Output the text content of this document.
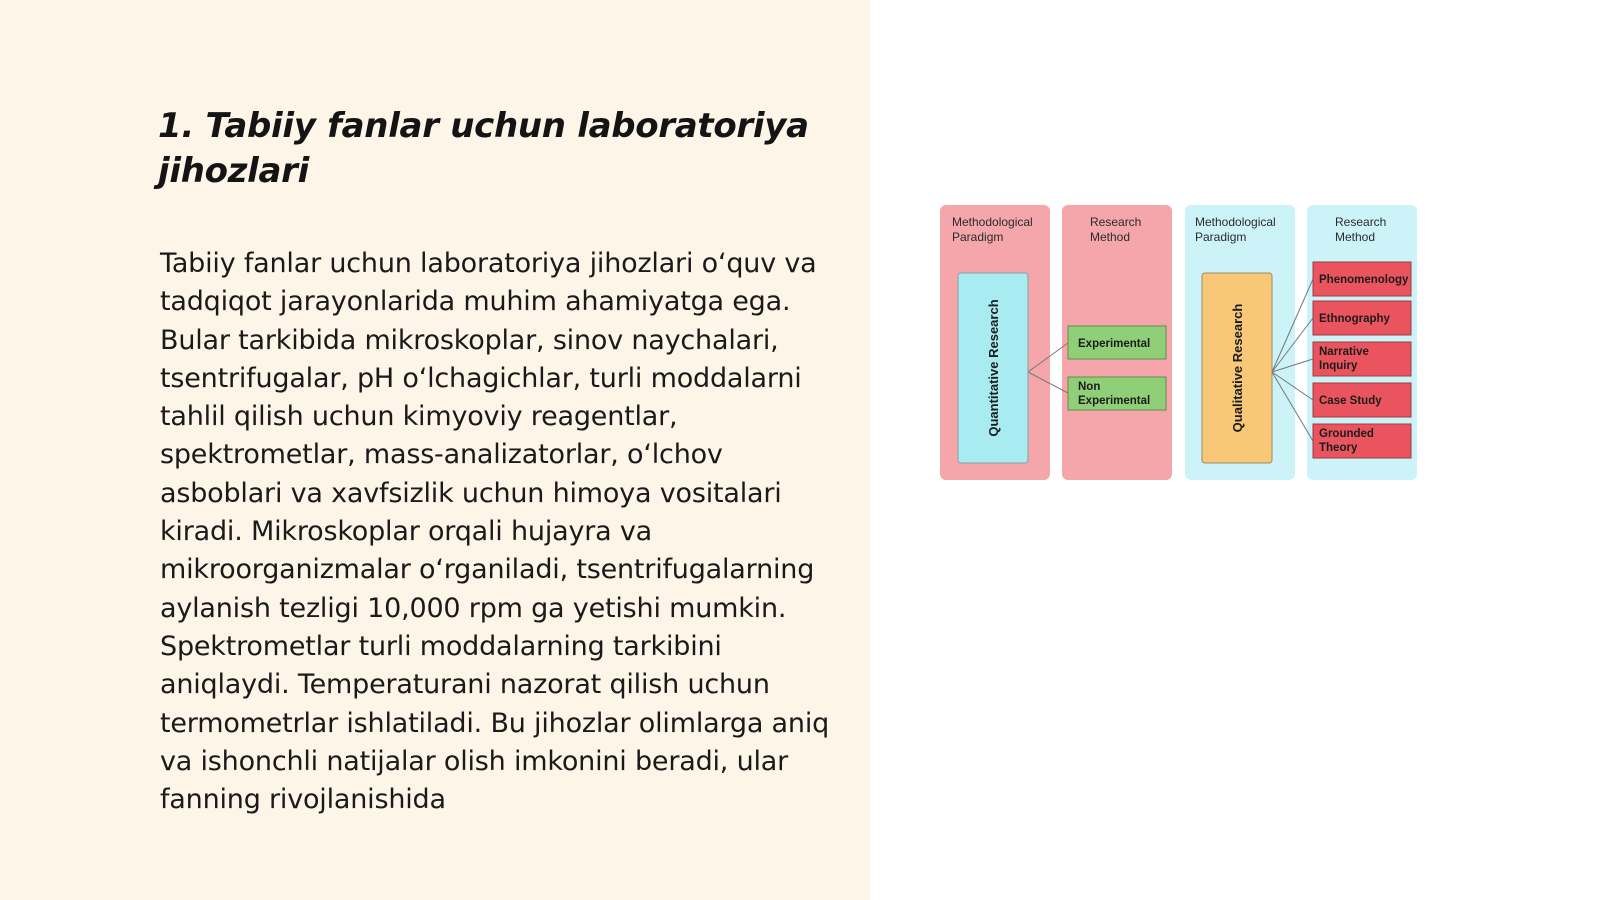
1. Tabiiy fanlar uchun laboratoriya jihozlari

Tabiiy fanlar uchun laboratoriya jihozlari o‘quv va tadqiqot jarayonlarida muhim ahamiyatga ega. Bular tarkibida mikroskoplar, sinov naychalari, tsentrifugalar, pH o‘lchagichlar, turli moddalarni tahlil qilish uchun kimyoviy reagentlar, spektrometlar, mass-analizatorlar, o‘lchov asboblari va xavfsizlik uchun himoya vositalari kiradi. Mikroskoplar orqali hujayra va mikroorganizmalar o‘rganiladi, tsentrifugalarning aylanish tezligi 10,000 rpm ga yetishi mumkin. Spektrometlar turli moddalarning tarkibini aniqlaydi. Temperaturani nazorat qilish uchun termometrlar ishlatiladi. Bu jihozlar olimlarga aniq va ishonchli natijalar olish imkonini beradi, ular fanning rivojlanishida

Methodological Paradigm
Research Method
Methodological Paradigm
Research Method
Quantitative Research	Qualitative Research
Experimental
Non Experimental
Phenomenology
Ethnography
Narrative Inquiry
Case Study
Grounded Theory
